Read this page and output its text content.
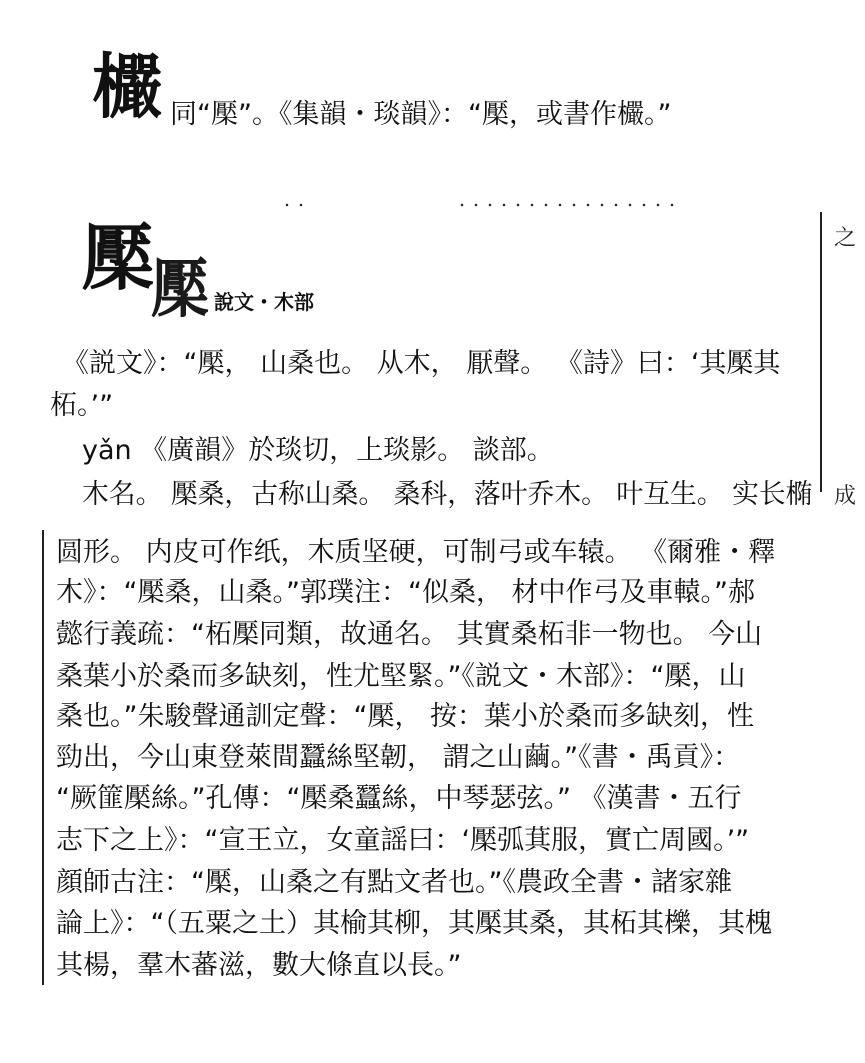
欕 同“檿”。《集韻・琰韻》：“檿，或書作欕。”
之
成
檿
檿 說文・木部
《説文》：“檿， 山桑也。 从木， 厭聲。 《詩》曰：‘其檿其
柘。’”
yǎn 《廣韻》於琰切，上琰影。 談部。
木名。 檿桑，古称山桑。 桑科，落叶乔木。 叶互生。 实长椭
圆形。 内皮可作纸，木质坚硬，可制弓或车辕。 《爾雅・釋
木》：“檿桑，山桑。”郭璞注：“似桑， 材中作弓及車轅。”郝
懿行義疏：“柘檿同類，故通名。 其實桑柘非一物也。 今山
桑葉小於桑而多缺刻，性尤堅緊。”《説文・木部》：“檿，山
桑也。”朱駿聲通訓定聲：“檿， 按：葉小於桑而多缺刻，性
勁出，今山東登萊間蠶絲堅韌， 謂之山繭。”《書・禹貢》：
“厥篚檿絲。”孔傳：“檿桑蠶絲，中琴瑟弦。” 《漢書・五行
志下之上》：“宣王立，女童謡曰：‘檿弧萁服，實亡周國。’”
顔師古注：“檿，山桑之有點文者也。”《農政全書・諸家雜
論上》：“（五粟之土）其榆其柳，其檿其桑，其柘其櫟，其槐
其楊，羣木蕃滋，數大條直以長。”
